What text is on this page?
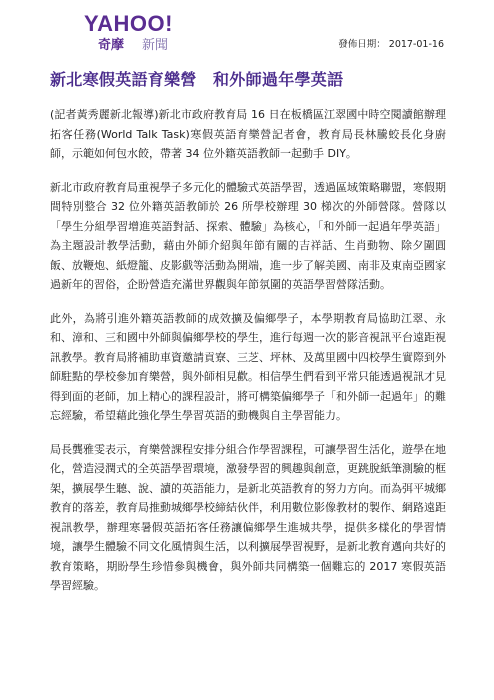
YAHOO!
奇摩 新聞	發佈日期： 2017-01-16
新北寒假英語育樂營　和外師過年學英語

(記者黃秀麗新北報導)新北市政府教育局 16 日在板橋區江翠國中時空閱讀館辦理拓客任務(World Talk Task)寒假英語育樂營記者會，教育局長林騰蛟長化身廚師，示範如何包水餃，帶著 34 位外籍英語教師一起動手 DIY。

新北市政府教育局重視學子多元化的體驗式英語學習，透過區域策略聯盟，寒假期間特別整合 32 位外籍英語教師於 26 所學校辦理 30 梯次的外師營隊。營隊以「學生分組學習增進英語對話、探索、體驗」為核心，「和外師一起過年學英語」為主題設計教學活動，藉由外師介紹與年節有關的吉祥話、生肖動物、除夕圍圓飯、放鞭炮、紙燈籠、皮影戲等活動為開端，進一步了解美國、南非及東南亞國家過新年的習俗，企盼營造充滿世界觀與年節氛圍的英語學習營隊活動。

此外，為將引進外籍英語教師的成效擴及偏鄉學子，本學期教育局協助江翠、永和、漳和、三和國中外師與偏鄉學校的學生，進行每週一次的影音視訊平台遠距視訊教學。教育局將補助車資邀請貢寮、三芝、坪林、及萬里國中四校學生實際到外師駐點的學校參加育樂營，與外師相見歡。相信學生們看到平常只能透過視訊才見得到面的老師，加上精心的課程設計，將可構築偏鄉學子「和外師一起過年」的難忘經驗，希望藉此強化學生學習英語的動機與自主學習能力。

局長龔雅雯表示，育樂營課程安排分組合作學習課程，可讓學習生活化，遊學在地化，營造浸潤式的全英語學習環境，激發學習的興趣與創意，更跳脫紙筆測驗的框架，擴展學生聽、說、讀的英語能力，是新北英語教育的努力方向。而為弭平城鄉教育的落差，教育局推動城鄉學校締結伙伴，利用數位影像教材的製作、網路遠距視訊教學，辦理寒暑假英語拓客任務讓偏鄉學生進城共學，提供多樣化的學習情境，讓學生體驗不同文化風情與生活，以利擴展學習視野，是新北教育邁向共好的教育策略，期盼學生珍惜參與機會，與外師共同構築一個難忘的 2017 寒假英語學習經驗。
